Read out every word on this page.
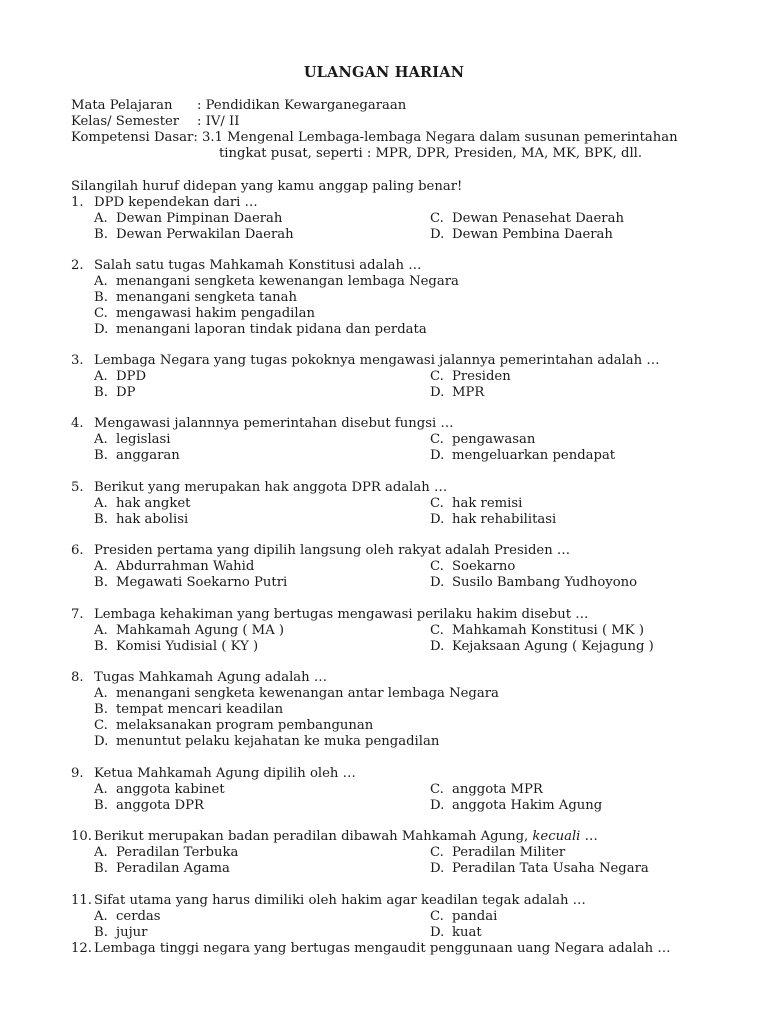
ULANGAN HARIAN
Mata Pelajaran : Pendidikan Kewarganegaraan
Kelas/ Semester : IV/ II
Kompetensi Dasar: 3.1 Mengenal Lembaga-lembaga Negara dalam susunan pemerintahan
tingkat pusat, seperti : MPR, DPR, Presiden, MA, MK, BPK, dll.
Silangilah huruf didepan yang kamu anggap paling benar!
1. DPD kependekan dari …
A. Dewan Pimpinan Daerah	C. Dewan Penasehat Daerah
B. Dewan Perwakilan Daerah	D. Dewan Pembina Daerah
2. Salah satu tugas Mahkamah Konstitusi adalah …
A. menangani sengketa kewenangan lembaga Negara
B. menangani sengketa tanah
C. mengawasi hakim pengadilan
D. menangani laporan tindak pidana dan perdata
3. Lembaga Negara yang tugas pokoknya mengawasi jalannya pemerintahan adalah …
A. DPD	C. Presiden
B. DP	D. MPR
4. Mengawasi jalannnya pemerintahan disebut fungsi …
A. legislasi	C. pengawasan
B. anggaran	D. mengeluarkan pendapat
5. Berikut yang merupakan hak anggota DPR adalah …
A. hak angket	C. hak remisi
B. hak abolisi	D. hak rehabilitasi
6. Presiden pertama yang dipilih langsung oleh rakyat adalah Presiden …
A. Abdurrahman Wahid	C. Soekarno
B. Megawati Soekarno Putri	D. Susilo Bambang Yudhoyono
7. Lembaga kehakiman yang bertugas mengawasi perilaku hakim disebut …
A. Mahkamah Agung ( MA )	C. Mahkamah Konstitusi ( MK )
B. Komisi Yudisial ( KY )	D. Kejaksaan Agung ( Kejagung )
8. Tugas Mahkamah Agung adalah …
A. menangani sengketa kewenangan antar lembaga Negara
B. tempat mencari keadilan
C. melaksanakan program pembangunan
D. menuntut pelaku kejahatan ke muka pengadilan
9. Ketua Mahkamah Agung dipilih oleh …
A. anggota kabinet	C. anggota MPR
B. anggota DPR	D. anggota Hakim Agung
10. Berikut merupakan badan peradilan dibawah Mahkamah Agung, kecuali …
A. Peradilan Terbuka	C. Peradilan Militer
B. Peradilan Agama	D. Peradilan Tata Usaha Negara
11. Sifat utama yang harus dimiliki oleh hakim agar keadilan tegak adalah …
A. cerdas	C. pandai
B. jujur	D. kuat
12. Lembaga tinggi negara yang bertugas mengaudit penggunaan uang Negara adalah …
